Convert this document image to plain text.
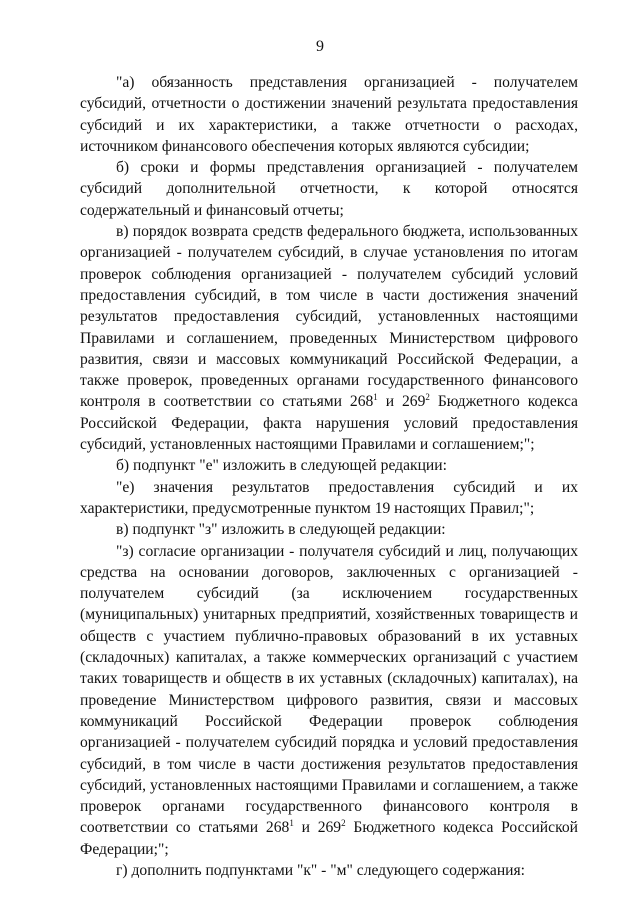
9

"а) обязанность представления организацией - получателем субсидий, отчетности о достижении значений результата предоставления субсидий и их характеристики, а также отчетности о расходах, источником финансового обеспечения которых являются субсидии;

б) сроки и формы представления организацией - получателем субсидий дополнительной отчетности, к которой относятся содержательный и финансовый отчеты;

в) порядок возврата средств федерального бюджета, использованных организацией - получателем субсидий, в случае установления по итогам проверок соблюдения организацией - получателем субсидий условий предоставления субсидий, в том числе в части достижения значений результатов предоставления субсидий, установленных настоящими Правилами и соглашением, проведенных Министерством цифрового развития, связи и массовых коммуникаций Российской Федерации, а также проверок, проведенных органами государственного финансового контроля в соответствии со статьями $268^1$ и $269^2$ Бюджетного кодекса Российской Федерации, факта нарушения условий предоставления субсидий, установленных настоящими Правилами и соглашением;";

б) подпункт "е" изложить в следующей редакции:

"е) значения результатов предоставления субсидий и их характеристики, предусмотренные пунктом 19 настоящих Правил;";

в) подпункт "з" изложить в следующей редакции:

"з) согласие организации - получателя субсидий и лиц, получающих средства на основании договоров, заключенных с организацией - получателем субсидий (за исключением государственных (муниципальных) унитарных предприятий, хозяйственных товариществ и обществ с участием публично-правовых образований в их уставных (складочных) капиталах, а также коммерческих организаций с участием таких товариществ и обществ в их уставных (складочных) капиталах), на проведение Министерством цифрового развития, связи и массовых коммуникаций Российской Федерации проверок соблюдения организацией - получателем субсидий порядка и условий предоставления субсидий, в том числе в части достижения результатов предоставления субсидий, установленных настоящими Правилами и соглашением, а также проверок органами государственного финансового контроля в соответствии со статьями $268^1$ и $269^2$ Бюджетного кодекса Российской Федерации;";

г) дополнить подпунктами "к" - "м" следующего содержания:
